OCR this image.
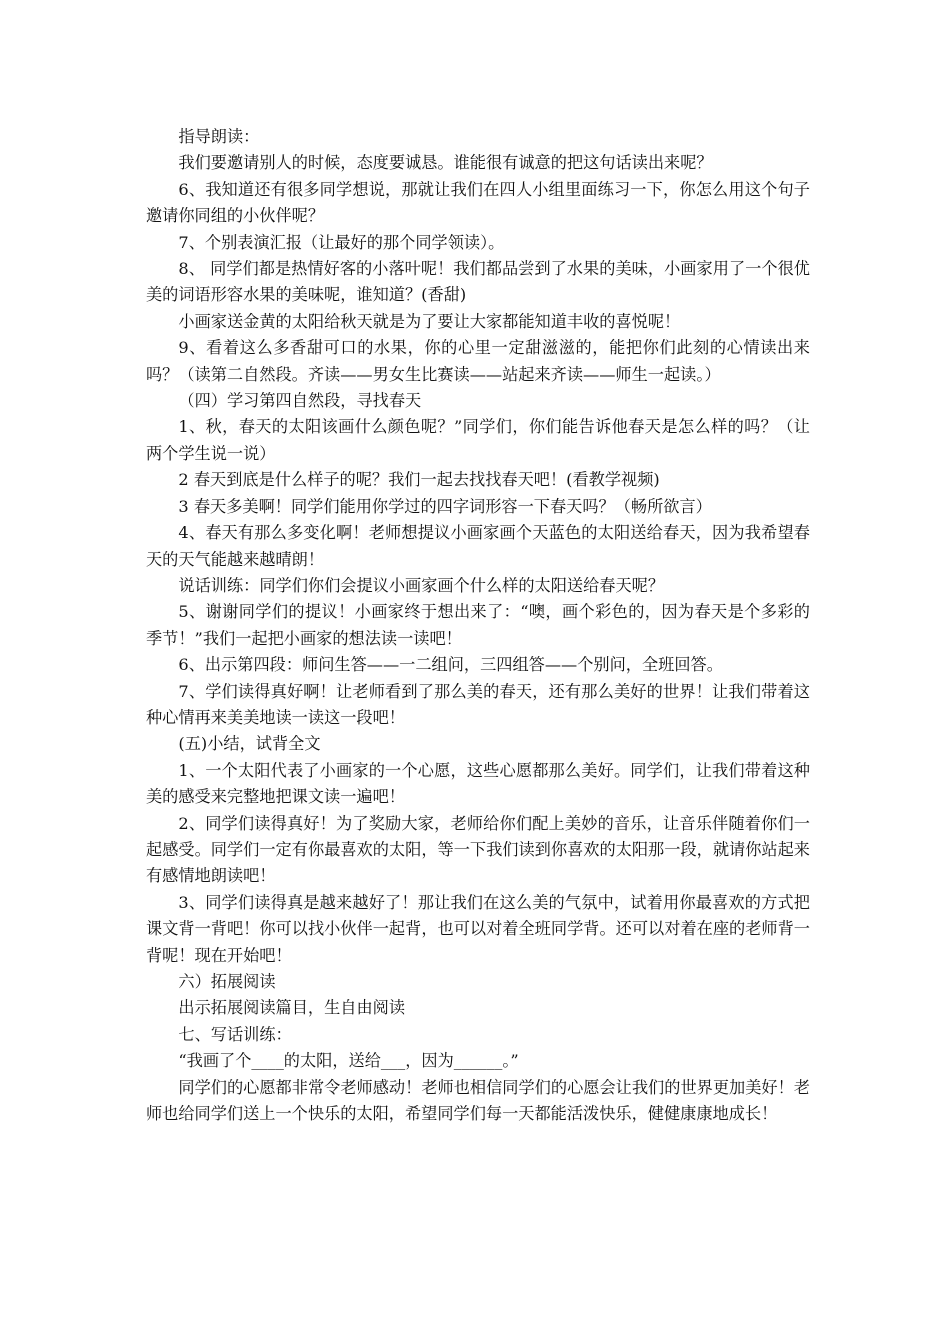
指导朗读：

我们要邀请别人的时候，态度要诚恳。谁能很有诚意的把这句话读出来呢？

6、我知道还有很多同学想说，那就让我们在四人小组里面练习一下，你怎么用这个句子邀请你同组的小伙伴呢？

7、个别表演汇报（让最好的那个同学领读）。

8、 同学们都是热情好客的小落叶呢！我们都品尝到了水果的美味，小画家用了一个很优美的词语形容水果的美味呢，谁知道？(香甜)

小画家送金黄的太阳给秋天就是为了要让大家都能知道丰收的喜悦呢！

9、看着这么多香甜可口的水果，你的心里一定甜滋滋的，能把你们此刻的心情读出来吗？（读第二自然段。齐读——男女生比赛读——站起来齐读——师生一起读。）

（四）学习第四自然段，寻找春天

1、秋，春天的太阳该画什么颜色呢？”同学们，你们能告诉他春天是怎么样的吗？（让两个学生说一说）

2 春天到底是什么样子的呢？我们一起去找找春天吧！(看教学视频)

3 春天多美啊！同学们能用你学过的四字词形容一下春天吗？（畅所欲言）

4、春天有那么多变化啊！老师想提议小画家画个天蓝色的太阳送给春天，因为我希望春天的天气能越来越晴朗！

说话训练：同学们你们会提议小画家画个什么样的太阳送给春天呢？

5、谢谢同学们的提议！小画家终于想出来了：“噢，画个彩色的，因为春天是个多彩的季节！”我们一起把小画家的想法读一读吧！

6、出示第四段：师问生答——一二组问，三四组答——个别问，全班回答。

7、学们读得真好啊！让老师看到了那么美的春天，还有那么美好的世界！让我们带着这种心情再来美美地读一读这一段吧！

(五)小结，试背全文

1、一个太阳代表了小画家的一个心愿，这些心愿都那么美好。同学们，让我们带着这种美的感受来完整地把课文读一遍吧！

2、同学们读得真好！为了奖励大家，老师给你们配上美妙的音乐，让音乐伴随着你们一起感受。同学们一定有你最喜欢的太阳，等一下我们读到你喜欢的太阳那一段，就请你站起来有感情地朗读吧！

3、同学们读得真是越来越好了！那让我们在这么美的气氛中，试着用你最喜欢的方式把课文背一背吧！你可以找小伙伴一起背，也可以对着全班同学背。还可以对着在座的老师背一背呢！现在开始吧！

六）拓展阅读

出示拓展阅读篇目，生自由阅读

七、写话训练：

“我画了个____的太阳，送给___，因为______。”

同学们的心愿都非常令老师感动！老师也相信同学们的心愿会让我们的世界更加美好！老师也给同学们送上一个快乐的太阳，希望同学们每一天都能活泼快乐，健健康康地成长！
